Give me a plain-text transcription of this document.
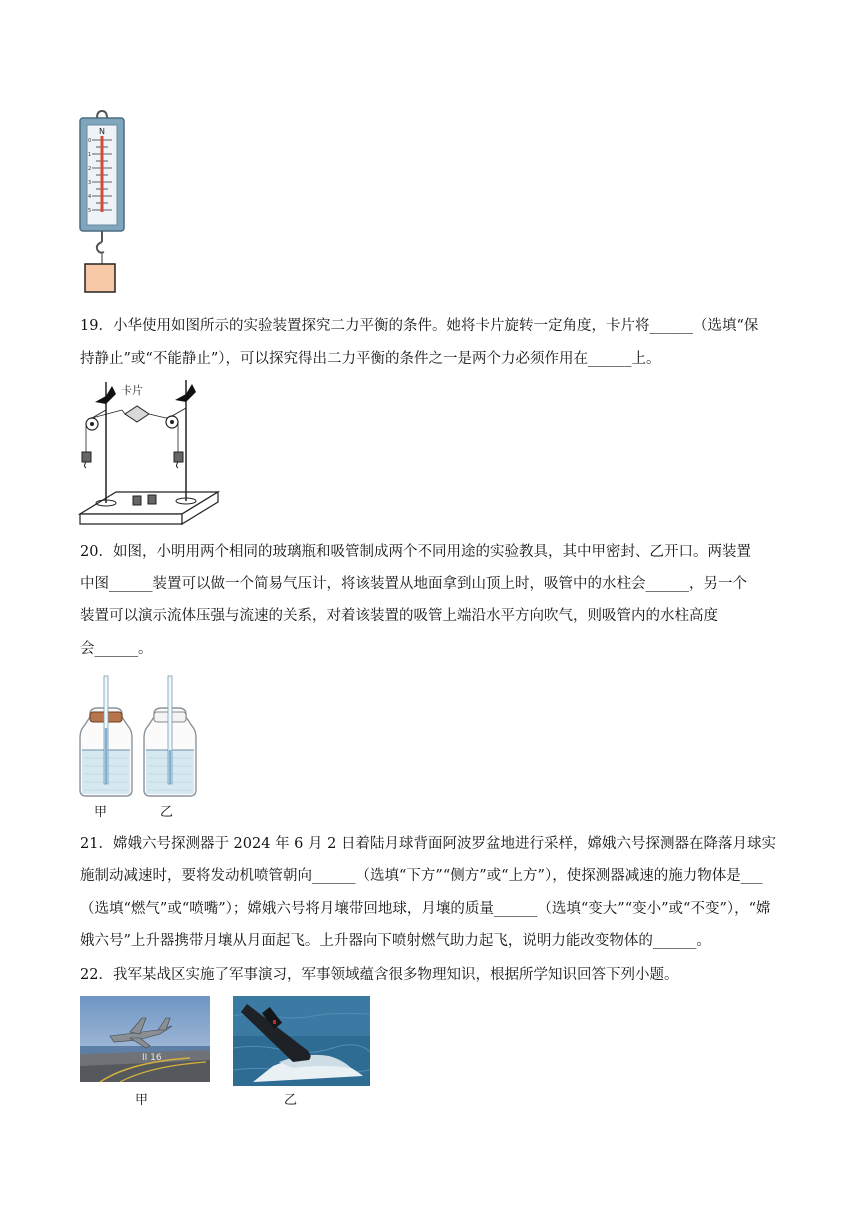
N
0
1
2
3
4
5
19．小华使用如图所示的实验装置探究二力平衡的条件。她将卡片旋转一定角度，卡片将______（选填“保
持静止”或“不能静止”），可以探究得出二力平衡的条件之一是两个力必须作用在______上。
卡片
20．如图，小明用两个相同的玻璃瓶和吸管制成两个不同用途的实验教具，其中甲密封、乙开口。两装置
中图______装置可以做一个简易气压计，将该装置从地面拿到山顶上时，吸管中的水柱会______，另一个
装置可以演示流体压强与流速的关系，对着该装置的吸管上端沿水平方向吹气，则吸管内的水柱高度
会______。
甲	乙
21．嫦娥六号探测器于 2024 年 6 月 2 日着陆月球背面阿波罗盆地进行采样，嫦娥六号探测器在降落月球实
施制动减速时，要将发动机喷管朝向______（选填“下方”“侧方”或“上方”），使探测器减速的施力物体是___
（选填“燃气”或“喷嘴”）；嫦娥六号将月壤带回地球，月壤的质量______（选填“变大”“变小”或“不变”），“嫦
娥六号”上升器携带月壤从月面起飞。上升器向下喷射燃气助力起飞，说明力能改变物体的______。
22．我军某战区实施了军事演习，军事领域蕴含很多物理知识，根据所学知识回答下列小题。
II 16
甲	乙
